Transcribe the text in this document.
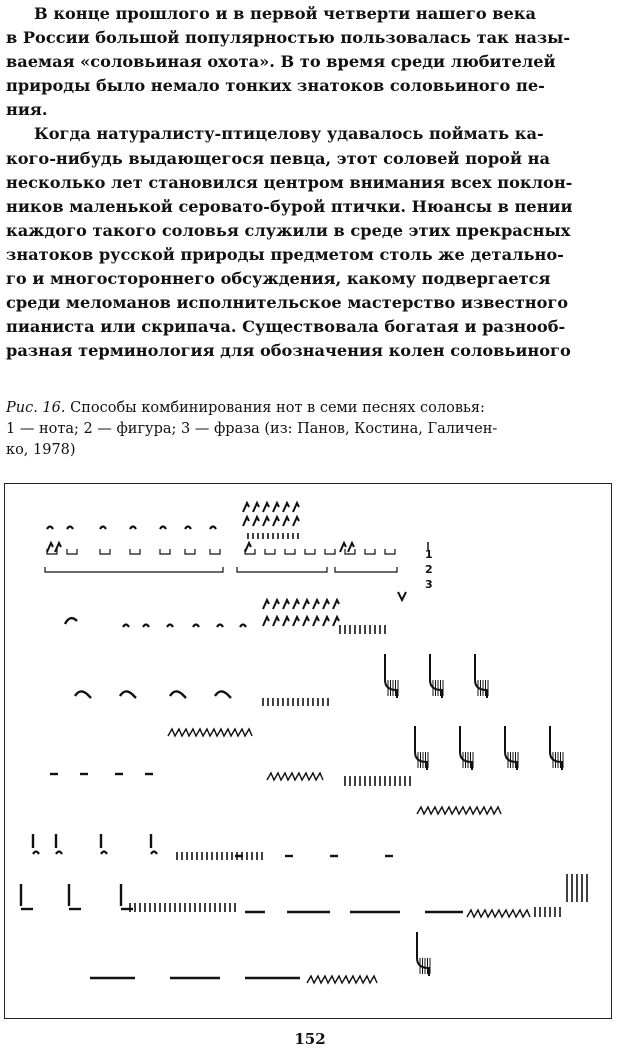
В конце прошлого и в первой четверти нашего века
в России большой популярностью пользовалась так назы-
ваемая «соловьиная охота». В то время среди любителей
природы было немало тонких знатоков соловьиного пе-
ния.

Когда натуралисту-птицелову удавалось поймать ка-
кого-нибудь выдающегося певца, этот соловей порой на
несколько лет становился центром внимания всех поклон-
ников маленькой серовато-бурой птички. Нюансы в пении
каждого такого соловья служили в среде этих прекрасных
знатоков русской природы предметом столь же детально-
го и многостороннего обсуждения, какому подвергается
среди меломанов исполнительское мастерство известного
пианиста или скрипача. Существовала богатая и разнооб-
разная терминология для обозначения колен соловьиного

Рис. 16. Способы комбинирования нот в семи песнях соловья:
1 — нота; 2 — фигура; 3 — фраза (из: Панов, Костина, Галичен-
ко, 1978)
1
2
3
152
